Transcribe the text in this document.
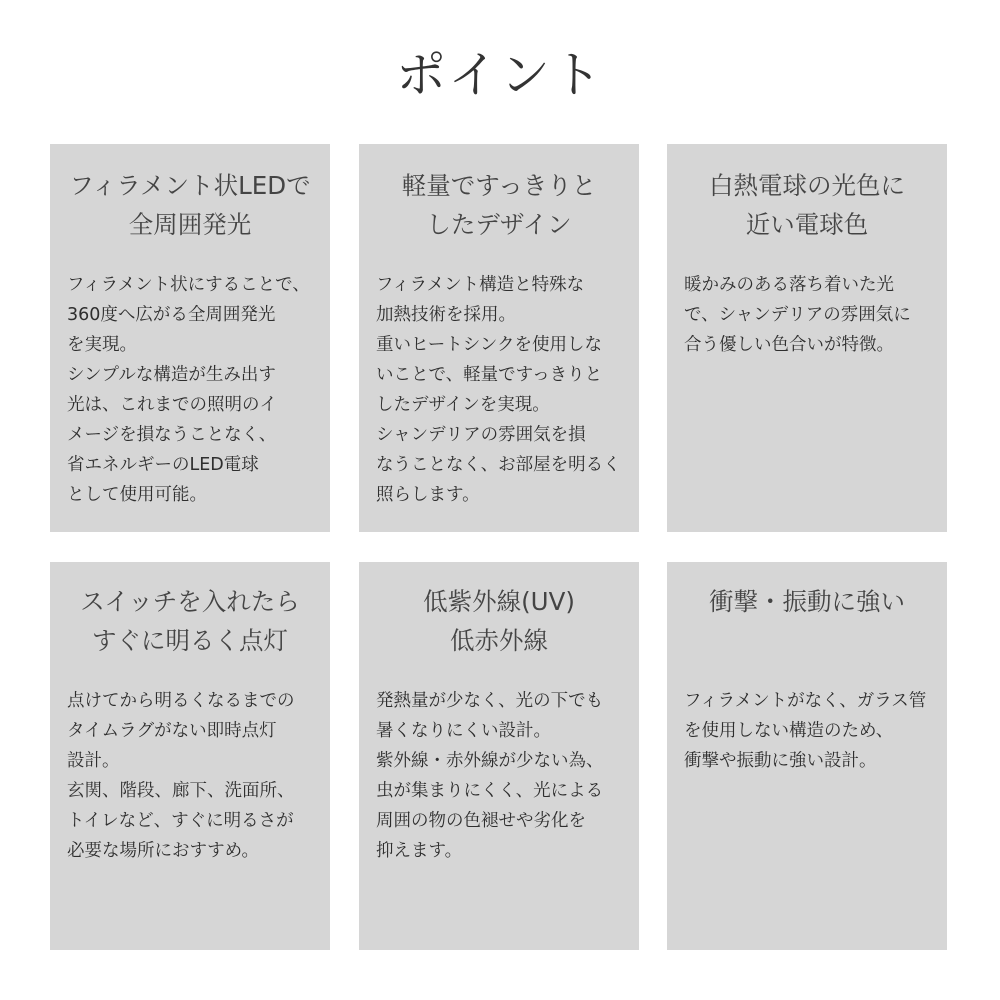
ポイント
フィラメント状LEDで
全周囲発光

フィラメント状にすることで、
360度へ広がる全周囲発光
を実現。
シンプルな構造が生み出す
光は、これまでの照明のイ
メージを損なうことなく、
省エネルギーのLED電球
として使用可能。

軽量ですっきりと
したデザイン

フィラメント構造と特殊な
加熱技術を採用。
重いヒートシンクを使用しな
いことで、軽量ですっきりと
したデザインを実現。
シャンデリアの雰囲気を損
なうことなく、お部屋を明るく
照らします。

白熱電球の光色に
近い電球色

暖かみのある落ち着いた光
で、シャンデリアの雰囲気に
合う優しい色合いが特徴。

スイッチを入れたら
すぐに明るく点灯

点けてから明るくなるまでの
タイムラグがない即時点灯
設計。
玄関、階段、廊下、洗面所、
トイレなど、すぐに明るさが
必要な場所におすすめ。

低紫外線(UV)
低赤外線

発熱量が少なく、光の下でも
暑くなりにくい設計。
紫外線・赤外線が少ない為、
虫が集まりにくく、光による
周囲の物の色褪せや劣化を
抑えます。

衝撃・振動に強い

フィラメントがなく、ガラス管
を使用しない構造のため、
衝撃や振動に強い設計。
